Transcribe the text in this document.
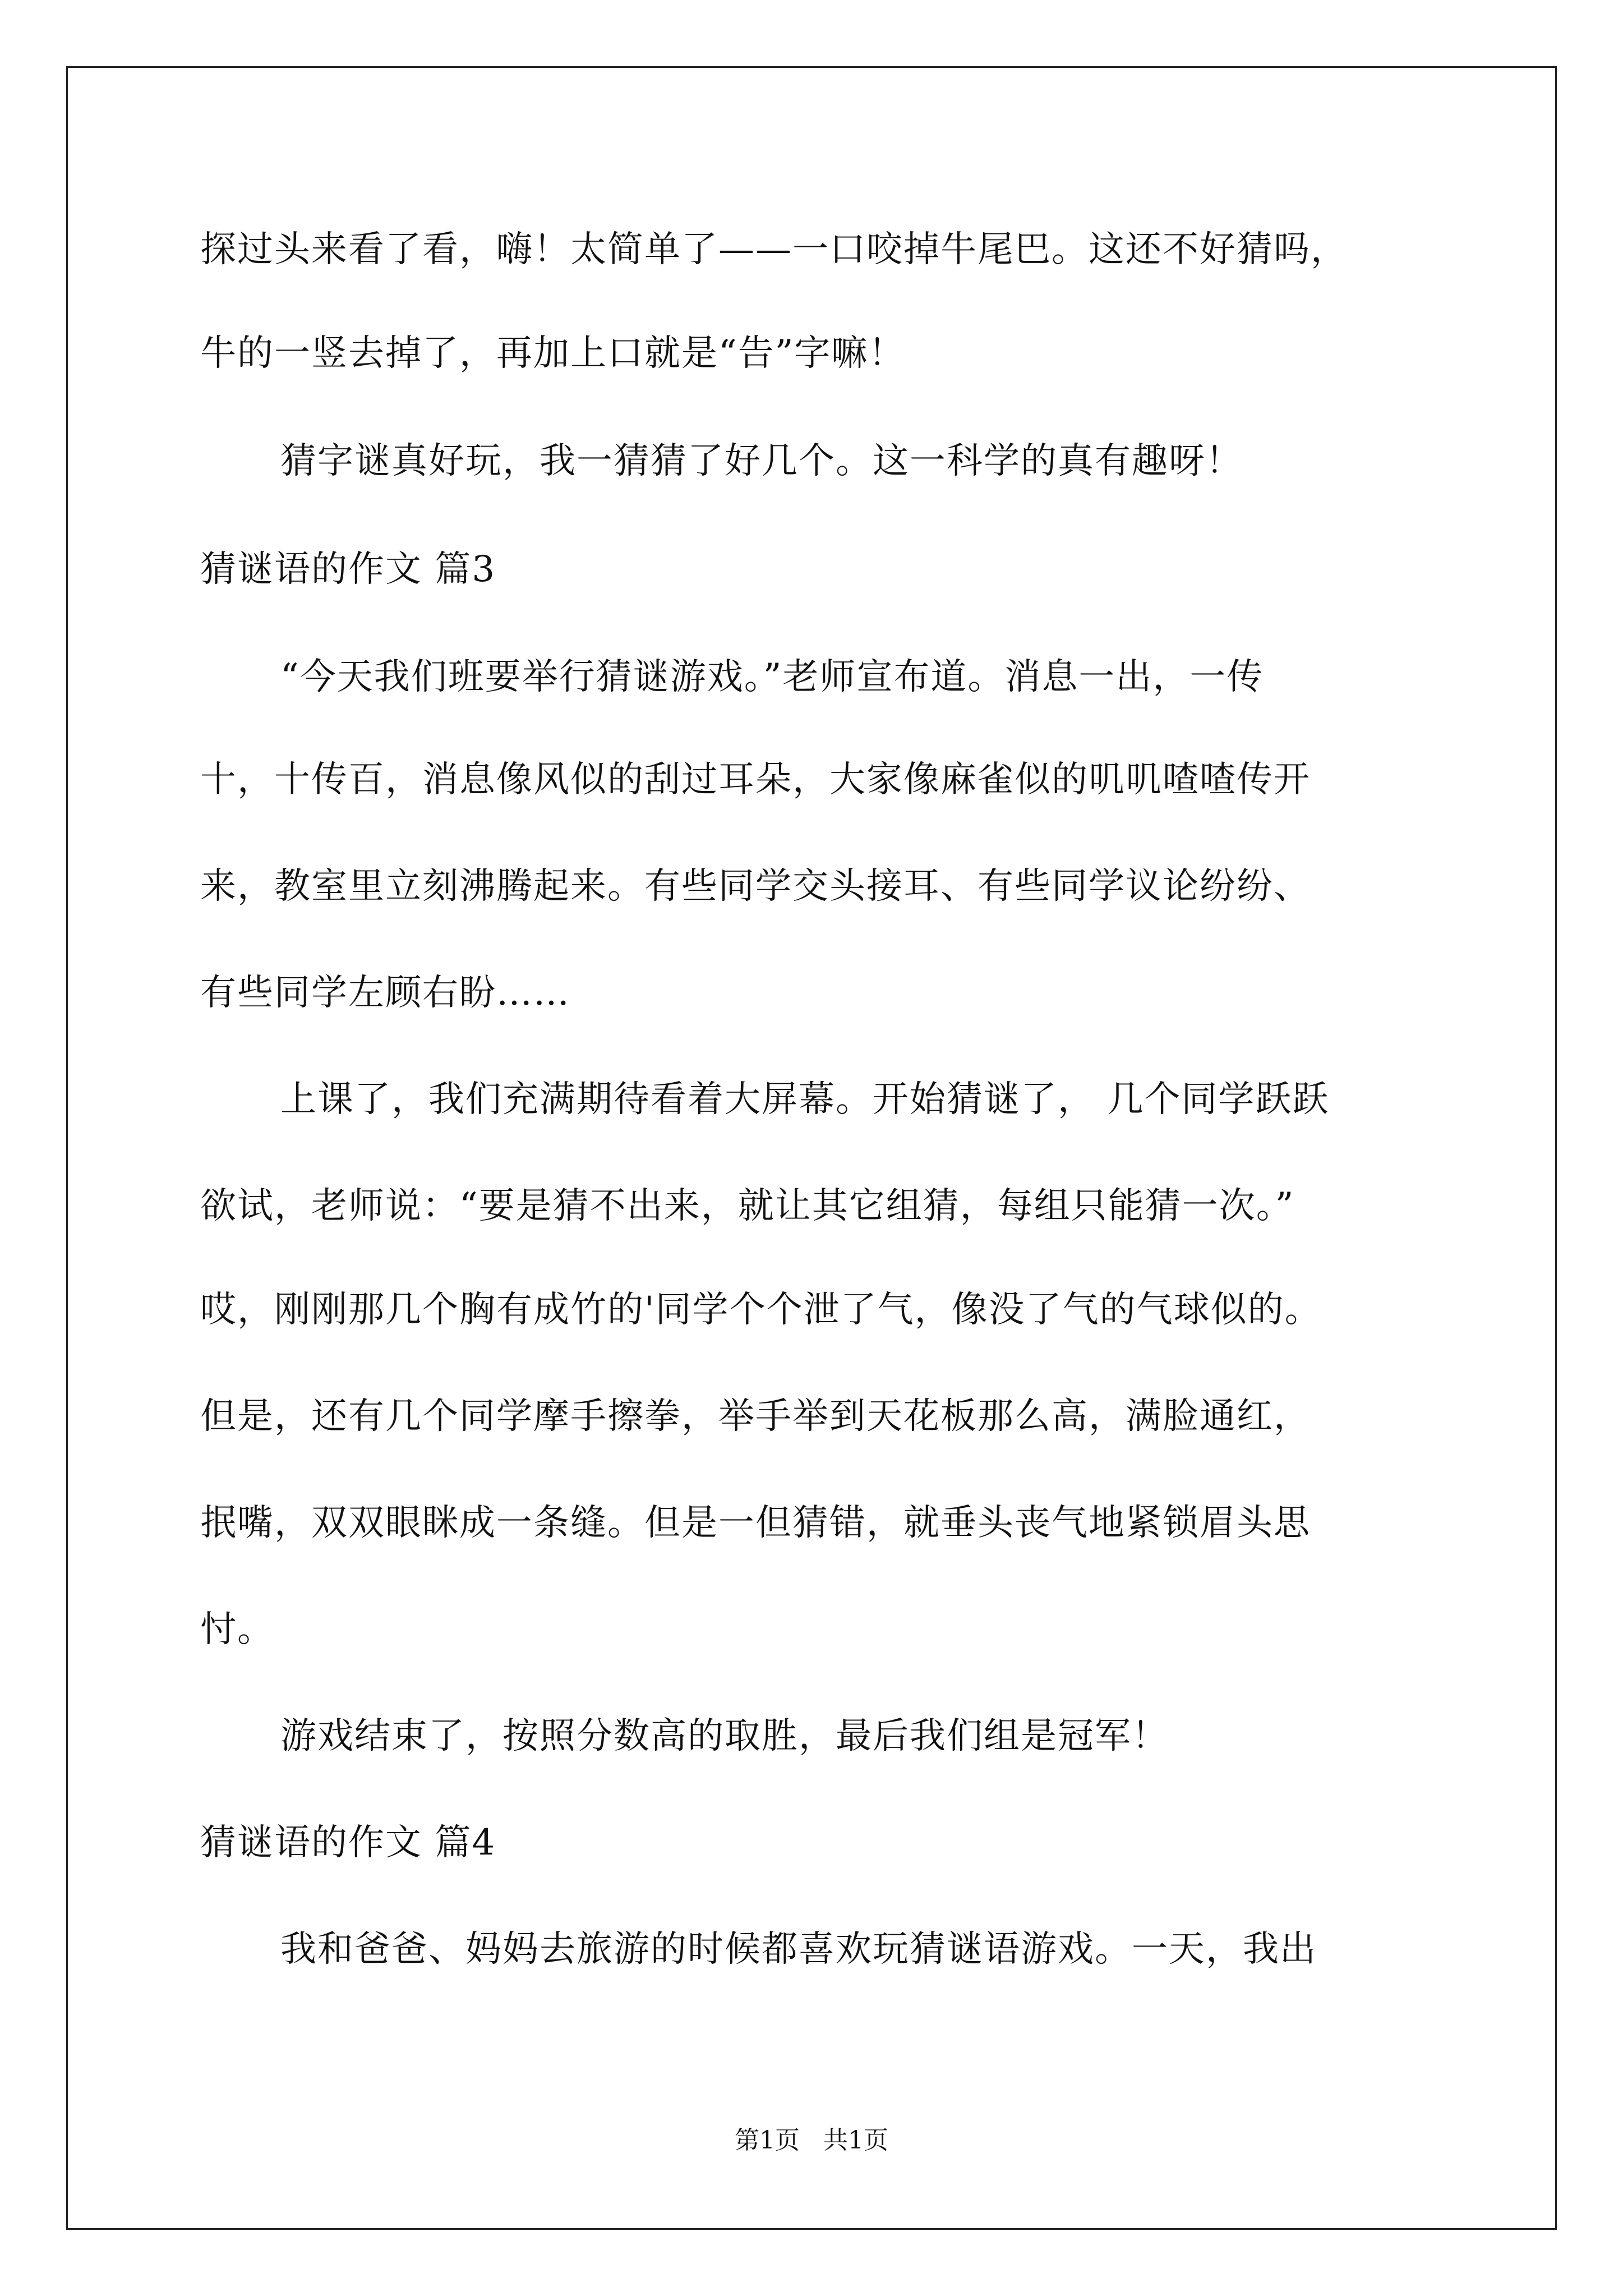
探过头来看了看，嗨！太简单了——一口咬掉牛尾巴。这还不好猜吗，
牛的一竖去掉了，再加上口就是“告”字嘛！
猜字谜真好玩，我一猜猜了好几个。这一科学的真有趣呀！
猜谜语的作文 篇3
“今天我们班要举行猜谜游戏。”老师宣布道。消息一出，一传
十，十传百，消息像风似的刮过耳朵，大家像麻雀似的叽叽喳喳传开
来，教室里立刻沸腾起来。有些同学交头接耳、有些同学议论纷纷、
有些同学左顾右盼……
上课了，我们充满期待看着大屏幕。开始猜谜了， 几个同学跃跃
欲试，老师说：“要是猜不出来，就让其它组猜，每组只能猜一次。”
哎，刚刚那几个胸有成竹的'同学个个泄了气，像没了气的气球似的。
但是，还有几个同学摩手擦拳，举手举到天花板那么高，满脸通红，
抿嘴，双双眼眯成一条缝。但是一但猜错，就垂头丧气地紧锁眉头思
忖。
游戏结束了，按照分数高的取胜，最后我们组是冠军！
猜谜语的作文 篇4
我和爸爸、妈妈去旅游的时候都喜欢玩猜谜语游戏。一天，我出
第1页   共1页
